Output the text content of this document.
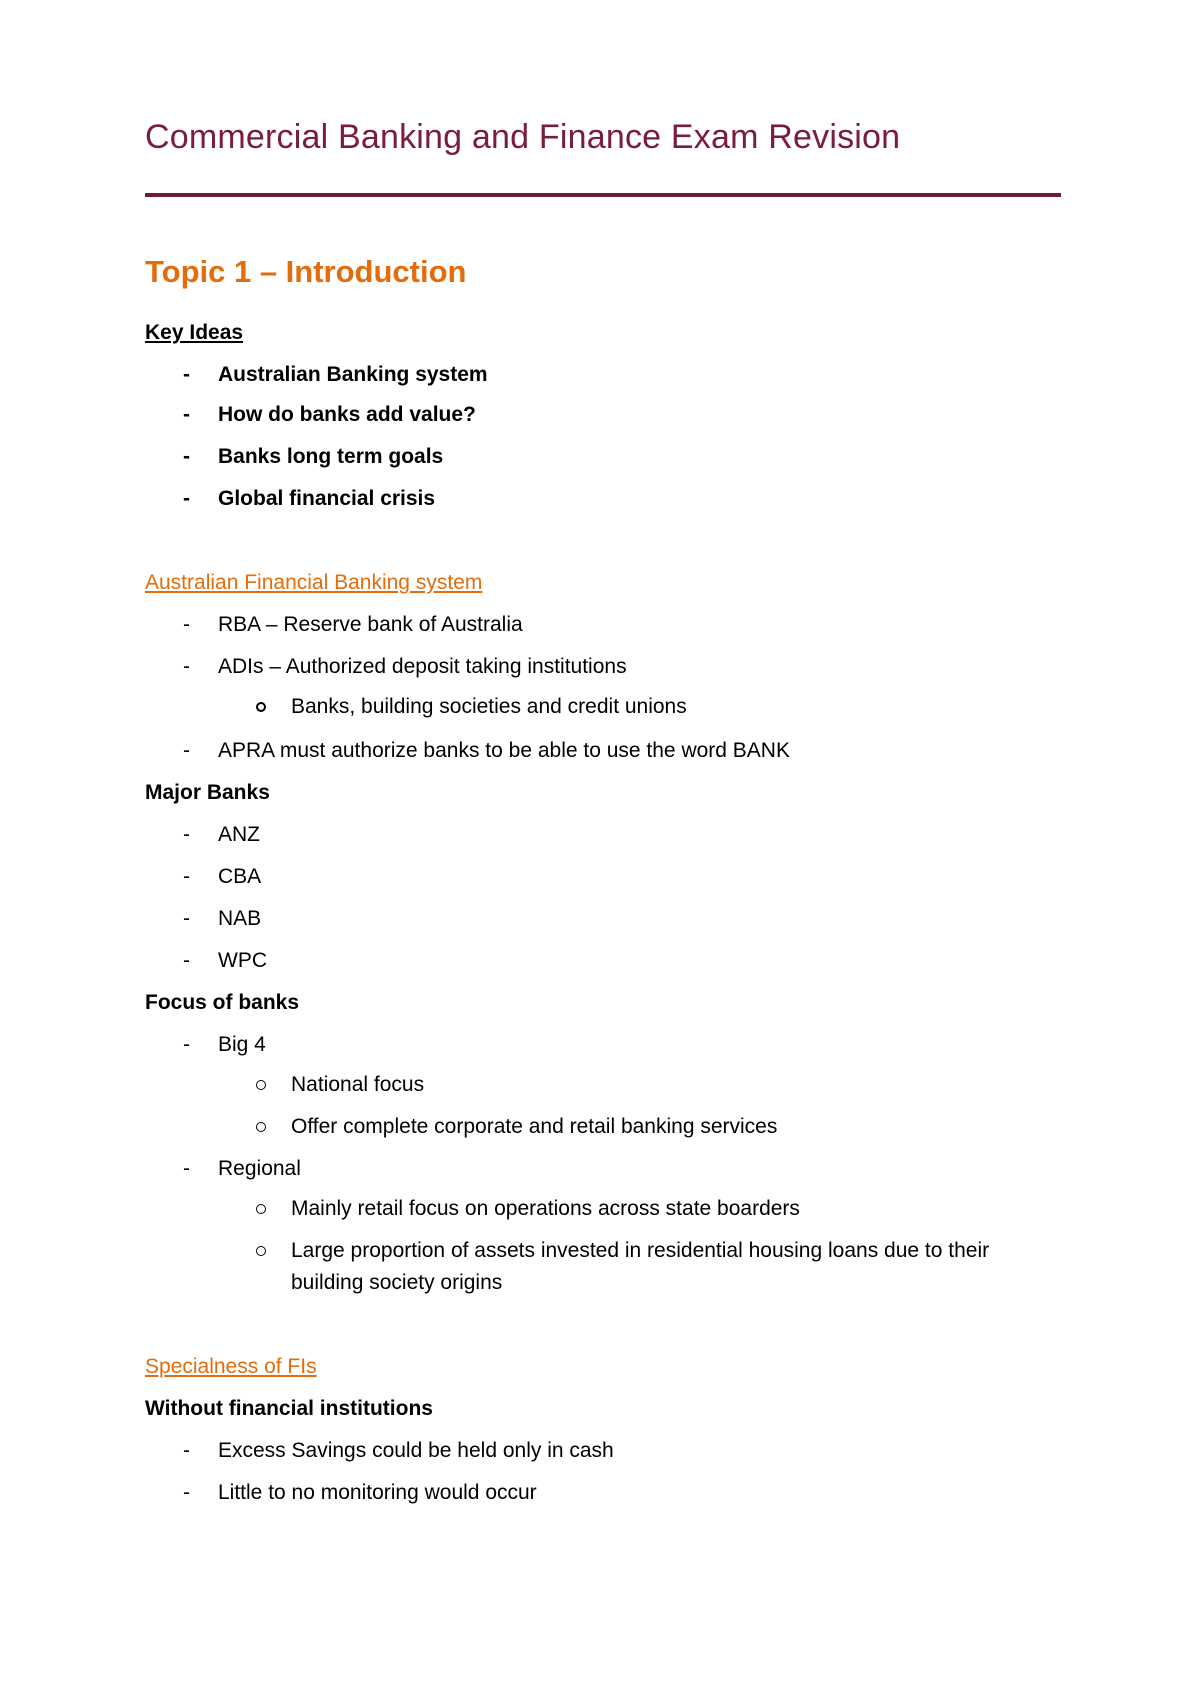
Commercial Banking and Finance Exam Revision
Topic 1 – Introduction
Key Ideas
- Australian Banking system
- How do banks add value?
- Banks long term goals
- Global financial crisis
Australian Financial Banking system
- RBA – Reserve bank of Australia
- ADIs – Authorized deposit taking institutions
Banks, building societies and credit unions
- APRA must authorize banks to be able to use the word BANK
Major Banks
- ANZ
- CBA
- NAB
- WPC
Focus of banks
- Big 4
National focus
Offer complete corporate and retail banking services
- Regional
Mainly retail focus on operations across state boarders
Large proportion of assets invested in residential housing loans due to their
building society origins
Specialness of FIs
Without financial institutions
- Excess Savings could be held only in cash
- Little to no monitoring would occur
